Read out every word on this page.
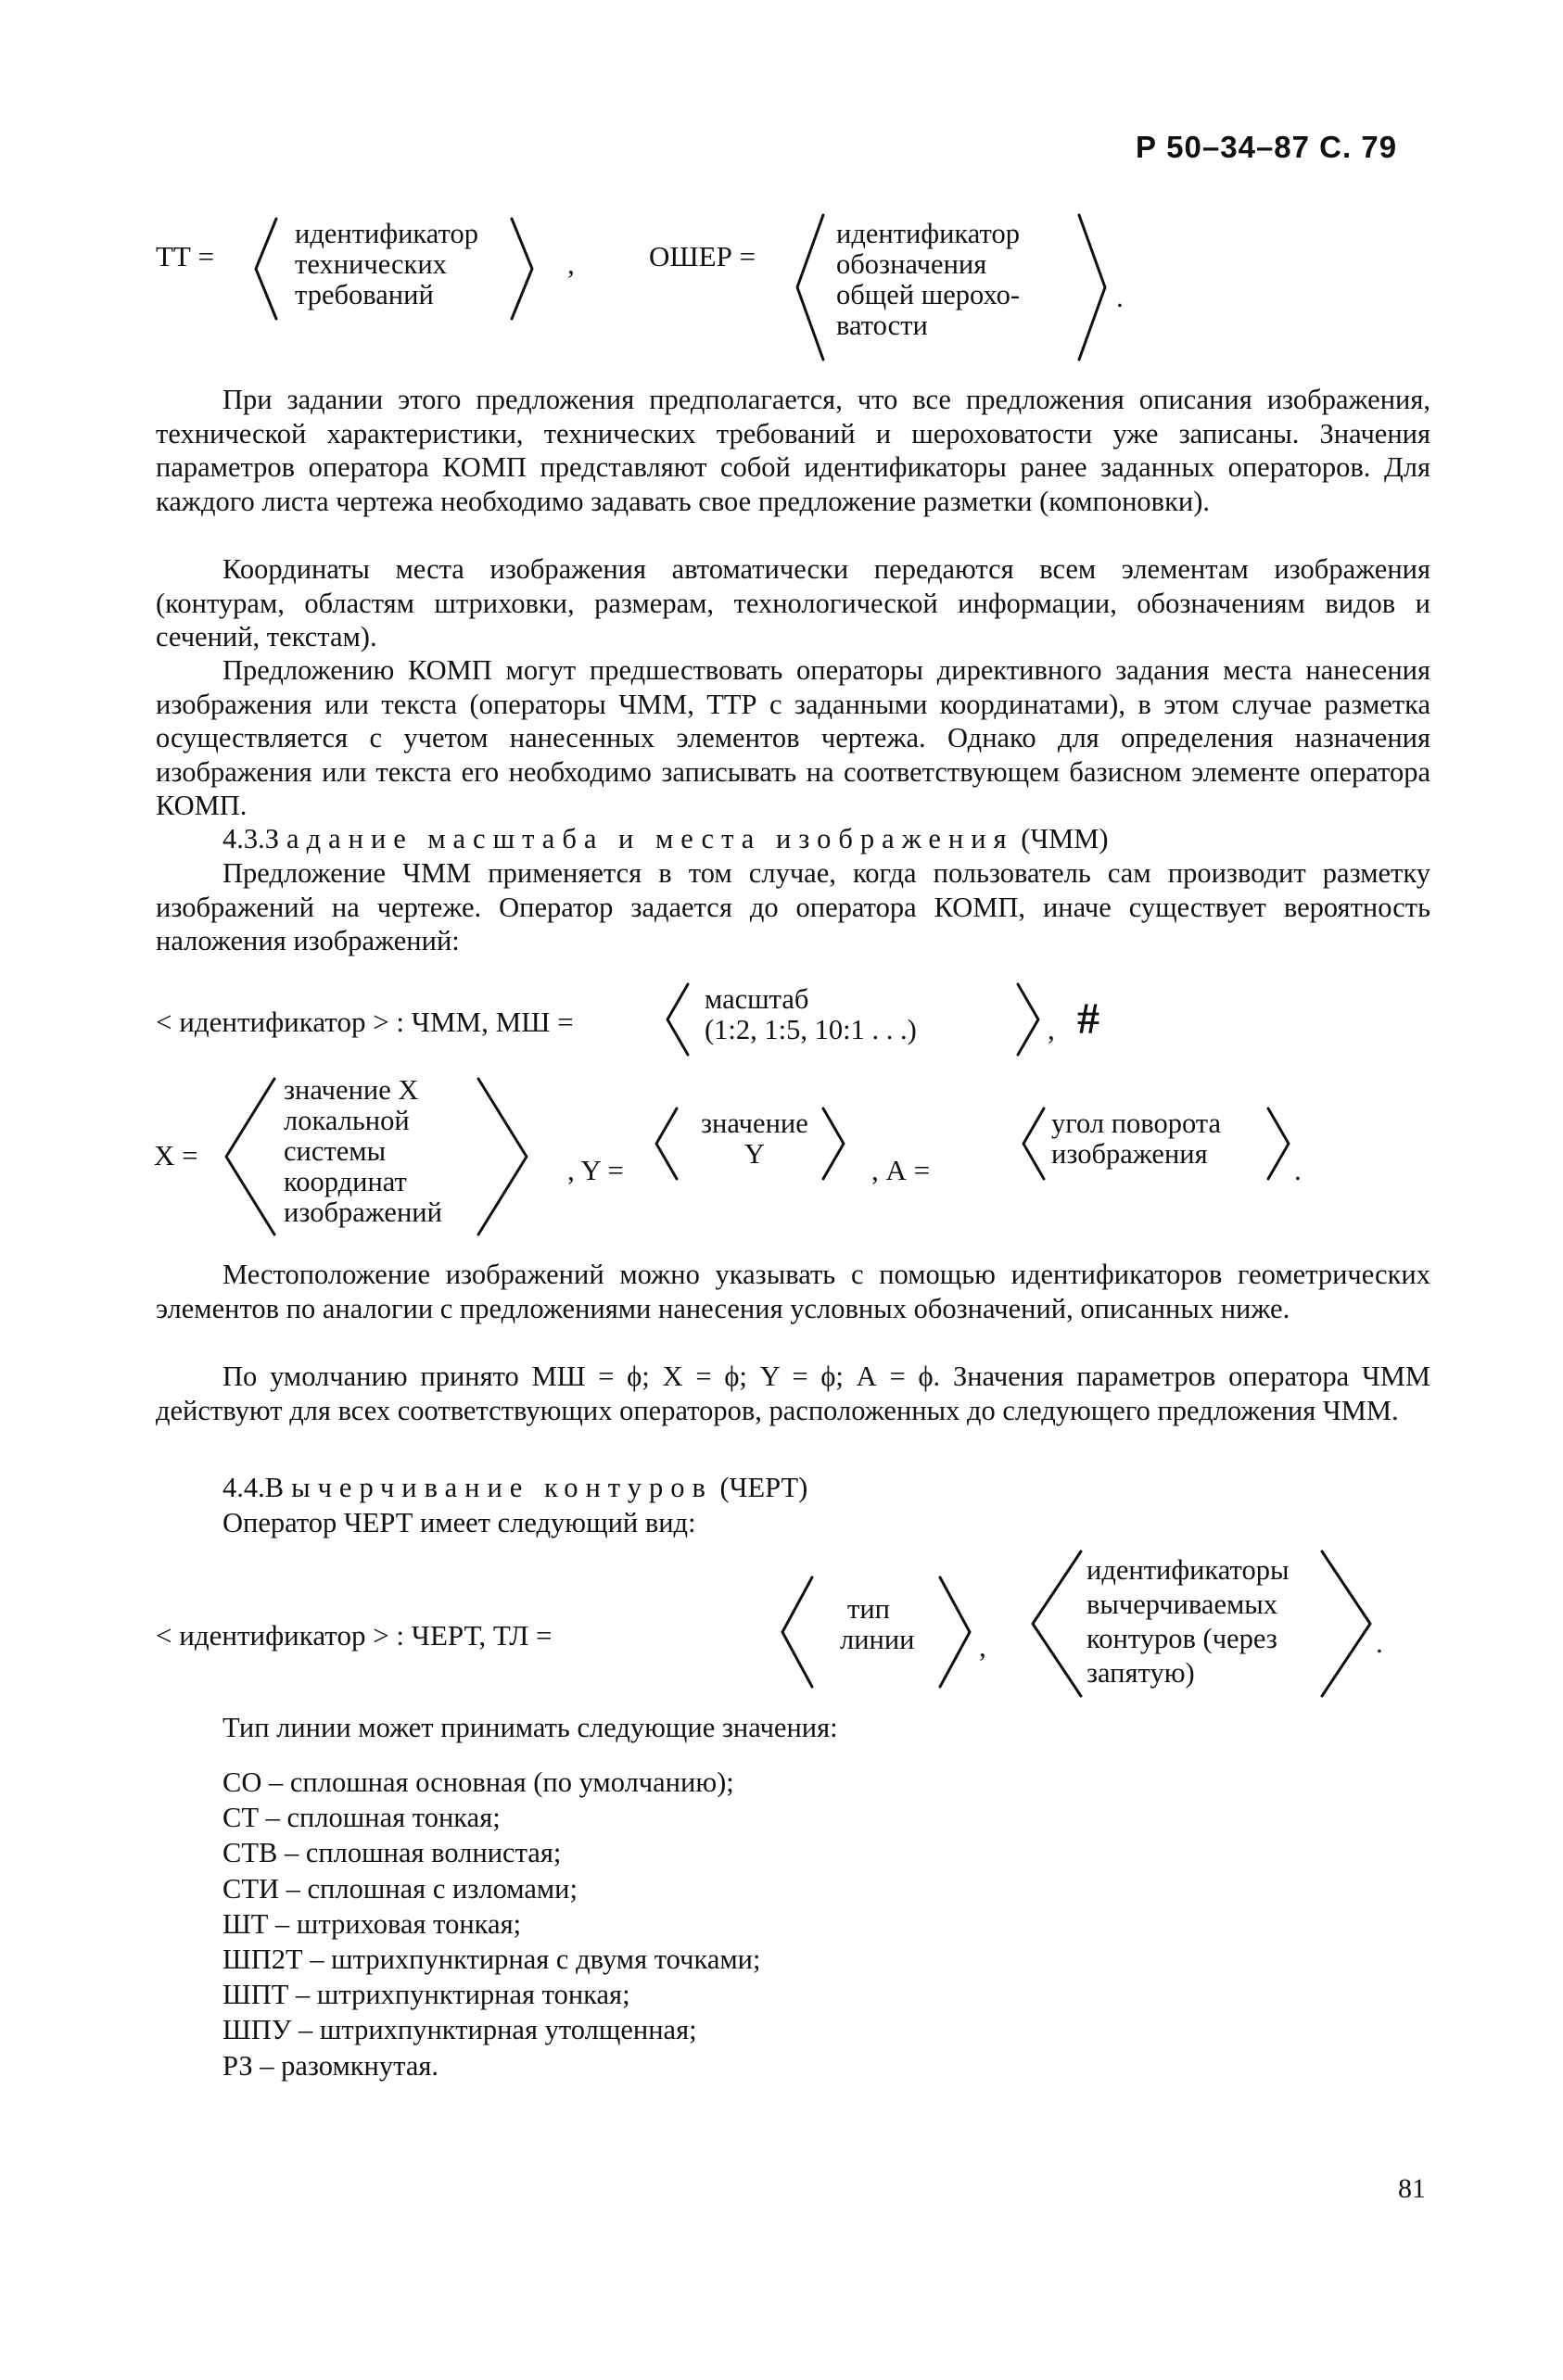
Р 50–34–87 С. 79
ТТ =
идентификатор
технических
требований
,	ОШЕР =
идентификатор
обозначения
общей шерохо-
ватости
.
При задании этого предложения предполагается, что все предложения описания изображения, технической характеристики, технических требований и шероховатости уже записаны. Значения параметров оператора КОМП представляют собой идентификаторы ранее заданных операторов. Для каждого листа чертежа необходимо задавать свое предложение разметки (компоновки).
Координаты места изображения автоматически передаются всем элементам изображения (контурам, областям штриховки, размерам, технологической информации, обозначениям видов и сечений, текстам).
Предложению КОМП могут предшествовать операторы директивного задания места нанесения изображения или текста (операторы ЧММ, ТТР с заданными координатами), в этом случае разметка осуществляется с учетом нанесенных элементов чертежа. Однако для определения назначения изображения или текста его необходимо записывать на соответствующем базисном элементе оператора КОМП.
4.3.Задание масштаба и места изображения (ЧММ)
Предложение ЧММ применяется в том случае, когда пользователь сам производит разметку изображений на чертеже. Оператор задается до оператора КОМП, иначе существует вероятность наложения изображений:
< идентификатор > : ЧММ, МШ =
масштаб
(1:2, 1:5, 10:1 . . .)	, #
X =
значение X
локальной
системы
координат
изображений
, Y =
значение
Y	, А =
угол поворота
изображения	.
Местоположение изображений можно указывать с помощью идентификаторов геометрических элементов по аналогии с предложениями нанесения условных обозначений, описанных ниже.
По умолчанию принято МШ = ϕ; X = ϕ; Y = ϕ; А = ϕ. Значения параметров оператора ЧММ действуют для всех соответствующих операторов, расположенных до следующего предложения ЧММ.
4.4.Вычерчивание контуров (ЧЕРТ)
Оператор ЧЕРТ имеет следующий вид:
< идентификатор > : ЧЕРТ, ТЛ =
тип
линии ,
идентификаторы
вычерчиваемых
контуров (через
запятую)
.
Тип линии может принимать следующие значения:
СО – сплошная основная (по умолчанию);
СТ – сплошная тонкая;
СТВ – сплошная волнистая;
СТИ – сплошная с изломами;
ШТ – штриховая тонкая;
ШП2Т – штрихпунктирная с двумя точками;
ШПТ – штрихпунктирная тонкая;
ШПУ – штрихпунктирная утолщенная;
РЗ – разомкнутая.
81
